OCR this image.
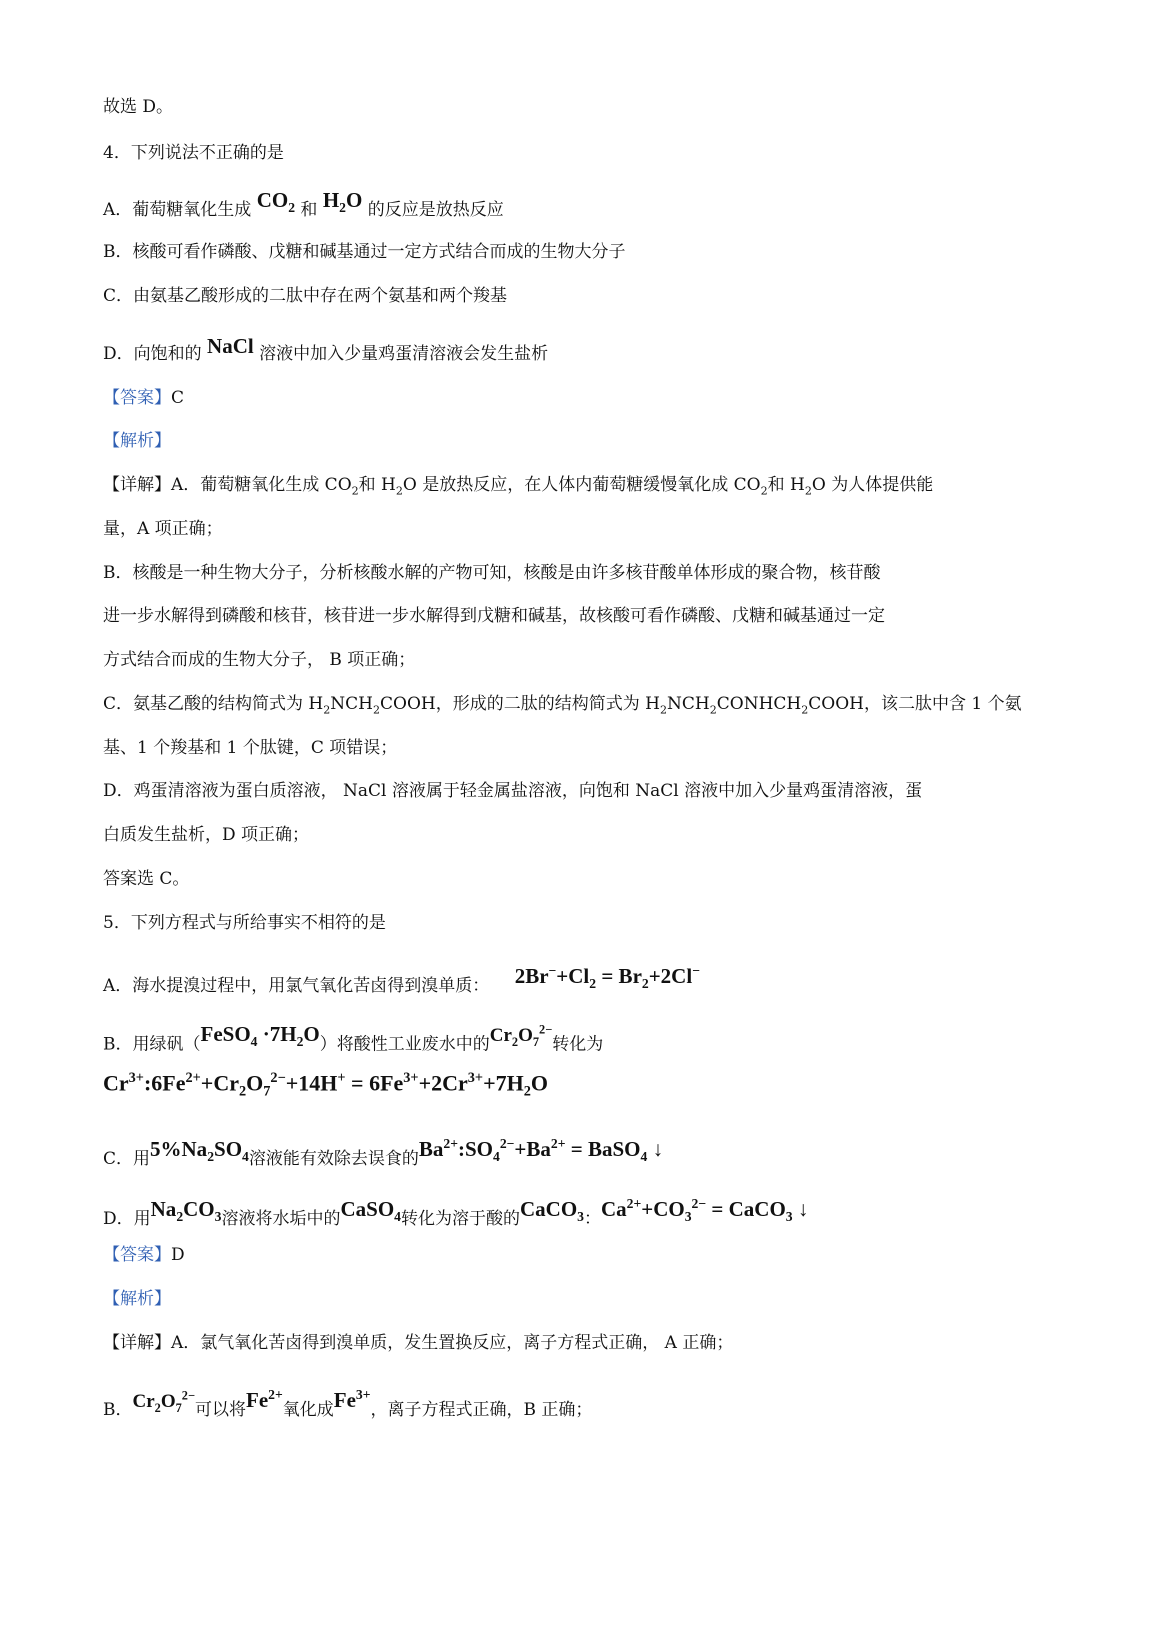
故选 D。
4．下列说法不正确的是
A．葡萄糖氧化生成 $CO_2$ 和 $H_2O$ 的反应是放热反应
B．核酸可看作磷酸、戊糖和碱基通过一定方式结合而成的生物大分子
C．由氨基乙酸形成的二肽中存在两个氨基和两个羧基
D．向饱和的 NaCl 溶液中加入少量鸡蛋清溶液会发生盐析
【答案】C
【解析】
【详解】A．葡萄糖氧化生成 $CO_2$和 $H_2O$ 是放热反应，在人体内葡萄糖缓慢氧化成 $CO_2$和 $H_2O$ 为人体提供能
量，A 项正确；
B．核酸是一种生物大分子，分析核酸水解的产物可知，核酸是由许多核苷酸单体形成的聚合物，核苷酸
进一步水解得到磷酸和核苷，核苷进一步水解得到戊糖和碱基，故核酸可看作磷酸、戊糖和碱基通过一定
方式结合而成的生物大分子， B 项正确；
C．氨基乙酸的结构简式为 $H_2NCH_2COOH$，形成的二肽的结构简式为 $H_2NCH_2CONHCH_2COOH$，该二肽中含 1 个氨
基、1 个羧基和 1 个肽键，C 项错误；
D．鸡蛋清溶液为蛋白质溶液， NaCl 溶液属于轻金属盐溶液，向饱和 NaCl 溶液中加入少量鸡蛋清溶液，蛋
白质发生盐析，D 项正确；
答案选 C。
5．下列方程式与所给事实不相符的是
A．海水提溴过程中，用氯气氧化苦卤得到溴单质： $2Br^-+Cl_2 = Br_2+2Cl^-$
B．用绿矾（FeSO$_4$ $\cdot 7H_2O$）将酸性工业废水中的$Cr_2O_7^{2-}$转化为
$Cr^{3+}:6Fe^{2+}+Cr_2O_7^{2-}+14H^+ = 6Fe^{3+}+2Cr^{3+}+7H_2O$
C．用$5\%Na_2SO_4$溶液能有效除去误食的$Ba^{2+}:SO_4^{2-}+Ba^{2+}$ = BaSO$_4$ ↓
D．用$Na_2CO_3$溶液将水垢中的CaSO$_4$转化为溶于酸的CaCO$_3$：$Ca^{2+}+CO_3^{2-}$ = CaCO$_3$ ↓
【答案】D
【解析】
【详解】A．氯气氧化苦卤得到溴单质，发生置换反应，离子方程式正确， A 正确；
B．$Cr_2O_7^{2-}$可以将$Fe^{2+}$氧化成$Fe^{3+}$，离子方程式正确，B 正确；
